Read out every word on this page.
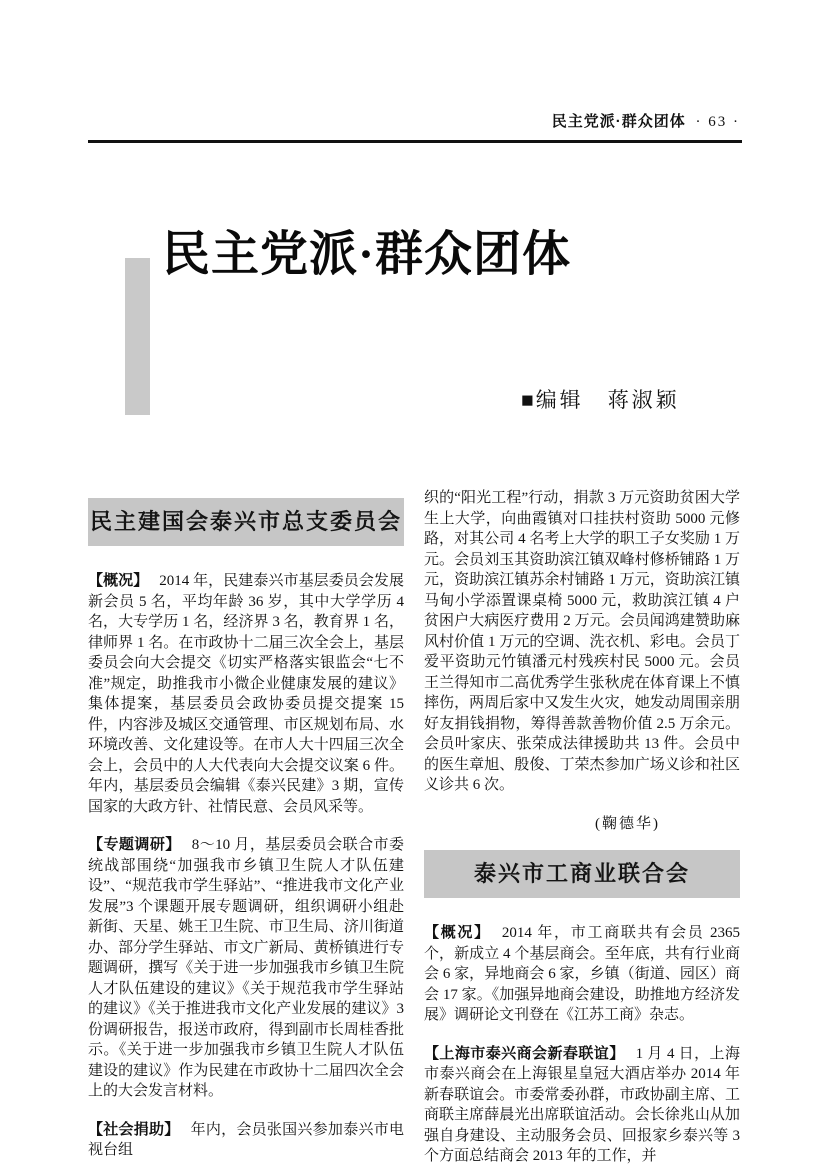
民主党派·群众团体 · 63 ·
民主党派·群众团体
■编辑 蒋淑颖
民主建国会泰兴市总支委员会

【概况】 2014 年，民建泰兴市基层委员会发展新会员 5 名，平均年龄 36 岁，其中大学学历 4 名，大专学历 1 名，经济界 3 名，教育界 1 名，律师界 1 名。在市政协十二届三次全会上，基层委员会向大会提交《切实严格落实银监会“七不准”规定，助推我市小微企业健康发展的建议》集体提案，基层委员会政协委员提交提案 15 件，内容涉及城区交通管理、市区规划布局、水环境改善、文化建设等。在市人大十四届三次全会上，会员中的人大代表向大会提交议案 6 件。年内，基层委员会编辑《泰兴民建》3 期，宣传国家的大政方针、社情民意、会员风采等。

【专题调研】 8～10 月，基层委员会联合市委统战部围绕“加强我市乡镇卫生院人才队伍建设”、“规范我市学生驿站”、“推进我市文化产业发展”3 个课题开展专题调研，组织调研小组赴新街、天星、姚王卫生院、市卫生局、济川街道办、部分学生驿站、市文广新局、黄桥镇进行专题调研，撰写《关于进一步加强我市乡镇卫生院人才队伍建设的建议》《关于规范我市学生驿站的建议》《关于推进我市文化产业发展的建议》3 份调研报告，报送市政府，得到副市长周桂香批示。《关于进一步加强我市乡镇卫生院人才队伍建设的建议》作为民建在市政协十二届四次全会上的大会发言材料。

【社会捐助】 年内，会员张国兴参加泰兴市电视台组

织的“阳光工程”行动，捐款 3 万元资助贫困大学生上大学，向曲霞镇对口挂扶村资助 5000 元修路，对其公司 4 名考上大学的职工子女奖励 1 万元。会员刘玉其资助滨江镇双峰村修桥铺路 1 万元，资助滨江镇苏余村铺路 1 万元，资助滨江镇马甸小学添置课桌椅 5000 元，救助滨江镇 4 户贫困户大病医疗费用 2 万元。会员闻鸿建赞助麻风村价值 1 万元的空调、洗衣机、彩电。会员丁爱平资助元竹镇潘元村残疾村民 5000 元。会员王兰得知市二高优秀学生张秋虎在体育课上不慎摔伤，两周后家中又发生火灾，她发动周围亲朋好友捐钱捐物，筹得善款善物价值 2.5 万余元。会员叶家庆、张荣成法律援助共 13 件。会员中的医生章旭、殷俊、丁荣杰参加广场义诊和社区义诊共 6 次。

(鞠德华)

泰兴市工商业联合会

【概况】 2014 年，市工商联共有会员 2365 个，新成立 4 个基层商会。至年底，共有行业商会 6 家，异地商会 6 家，乡镇（街道、园区）商会 17 家。《加强异地商会建设，助推地方经济发展》调研论文刊登在《江苏工商》杂志。

【上海市泰兴商会新春联谊】 1 月 4 日，上海市泰兴商会在上海银星皇冠大酒店举办 2014 年新春联谊会。市委常委孙群，市政协副主席、工商联主席薛晨光出席联谊活动。会长徐兆山从加强自身建设、主动服务会员、回报家乡泰兴等 3 个方面总结商会 2013 年的工作，并
